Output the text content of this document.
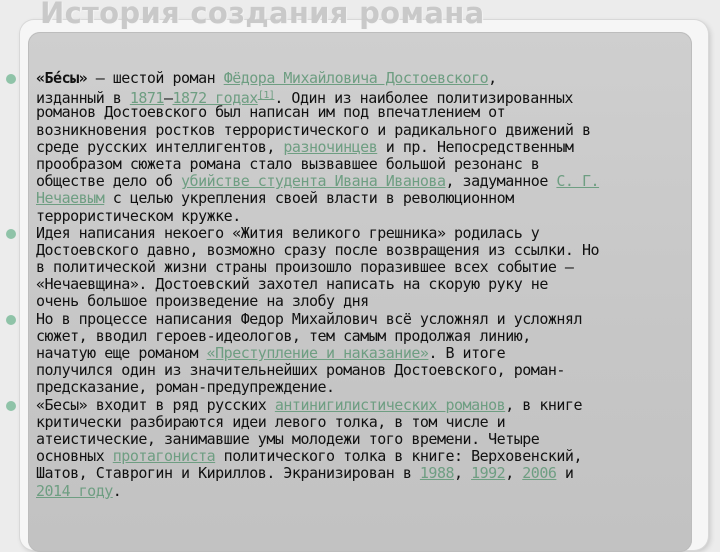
История создания романа
«Бе́сы» — шестой роман Фёдора Михайловича Достоевского,
изданный в 1871—1872 годах[1]. Один из наиболее политизированных
романов Достоевского был написан им под впечатлением от
возникновения ростков террористического и радикального движений в
среде русских интеллигентов, разночинцев и пр. Непосредственным
прообразом сюжета романа стало вызвавшее большой резонанс в
обществе дело об убийстве студента Ивана Иванова, задуманное С. Г.
Нечаевым с целью укрепления своей власти в революционном
террористическом кружке.
Идея написания некоего «Жития великого грешника» родилась у
Достоевского давно, возможно сразу после возвращения из ссылки. Но
в политической жизни страны произошло поразившее всех событие —
«Нечаевщина». Достоевский захотел написать на скорую руку не
очень большое произведение на злобу дня
Но в процессе написания Федор Михайлович всё усложнял и усложнял
сюжет, вводил героев-идеологов, тем самым продолжая линию,
начатую еще романом «Преступление и наказание». В итоге
получился один из значительнейших романов Достоевского, роман-
предсказание, роман-предупреждение.
«Бесы» входит в ряд русских антинигилистических романов, в книге
критически разбираются идеи левого толка, в том числе и
атеистические, занимавшие умы молодежи того времени. Четыре
основных протагониста политического толка в книге: Верховенский,
Шатов, Ставрогин и Кириллов. Экранизирован в 1988, 1992, 2006 и
2014 году.
